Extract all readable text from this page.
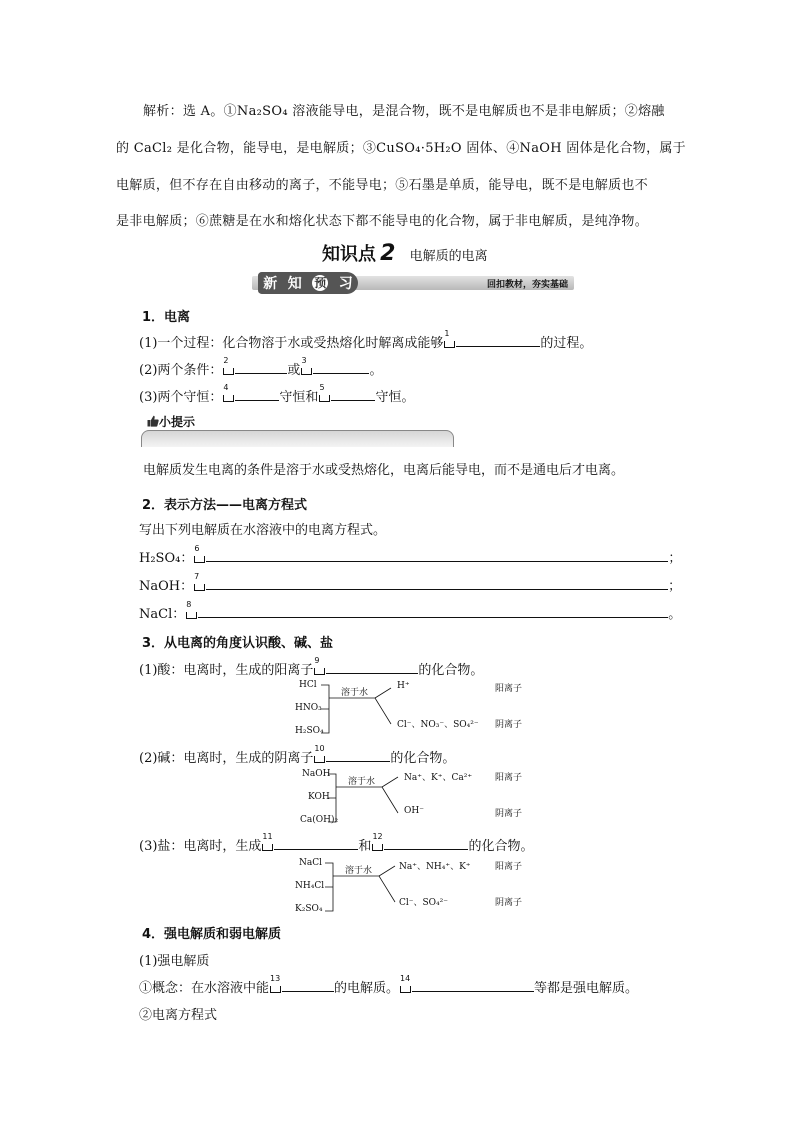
解析：选 A。①Na₂SO₄ 溶液能导电，是混合物，既不是电解质也不是非电解质；②熔融
的 CaCl₂ 是化合物，能导电，是电解质；③CuSO₄·5H₂O 固体、④NaOH 固体是化合物，属于
电解质，但不存在自由移动的离子，不能导电；⑤石墨是单质，能导电，既不是电解质也不
是非电解质；⑥蔗糖是在水和熔化状态下都不能导电的化合物，属于非电解质，是纯净物。
知识点 2 电解质的电离
新 知 预 习	回扣教材，夯实基础
1．电离
(1)一个过程：化合物溶于水或受热熔化时解离成能够
1
的过程。
(2)两个条件：
2
或
3
。
(3)两个守恒：
4
守恒和
5
守恒。
小提示
电解质发生电离的条件是溶于水或受热熔化，电离后能导电，而不是通电后才电离。
2．表示方法——电离方程式
写出下列电解质在水溶液中的电离方程式。
H₂SO₄：
6
；
NaOH：
7
；
NaCl：
8
。
3．从电离的角度认识酸、碱、盐
(1)酸：电离时，生成的阳离子
9
的化合物。
HCl
HNO₃
H₂SO₄
溶于水
H⁺
Cl⁻、NO₃⁻、SO₄²⁻
阳离子
阴离子
(2)碱：电离时，生成的阴离子
10
的化合物。
NaOH
KOH
Ca(OH)₂
溶于水	Na⁺、K⁺、Ca²⁺
OH⁻
阳离子
阴离子
(3)盐：电离时，生成
11
和
12
的化合物。
NaCl
NH₄Cl
K₂SO₄
溶于水	Na⁺、NH₄⁺、K⁺
Cl⁻、SO₄²⁻
阳离子
阴离子
4．强电解质和弱电解质
(1)强电解质
①概念：在水溶液中能
13
的电解质。
14
等都是强电解质。
②电离方程式
